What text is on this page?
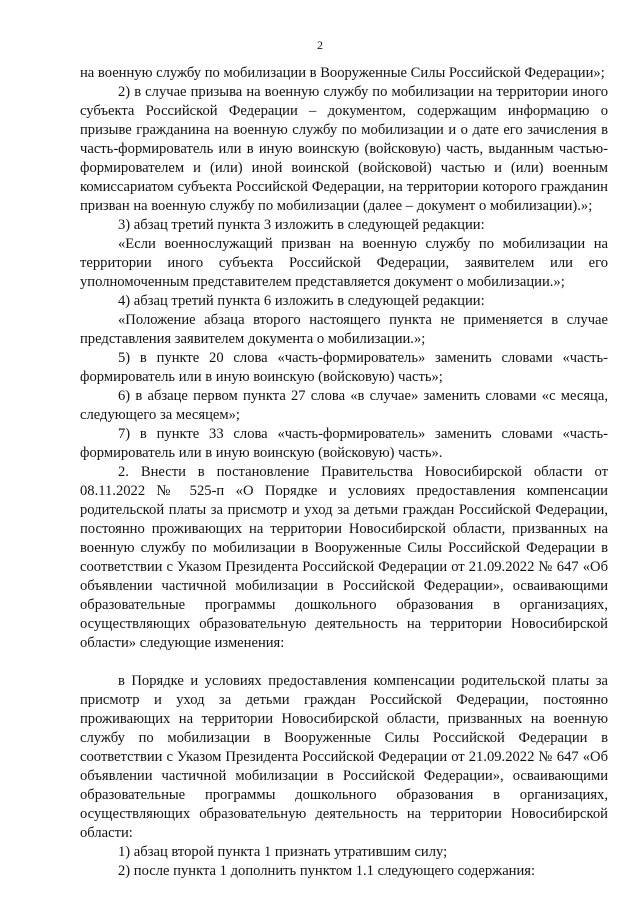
2

на военную службу по мобилизации в Вооруженные Силы Российской Федерации»;

2) в случае призыва на военную службу по мобилизации на территории иного субъекта Российской Федерации – документом, содержащим информацию о призыве гражданина на военную службу по мобилизации и о дате его зачисления в часть-формирователь или в иную воинскую (войсковую) часть, выданным частью-формирователем и (или) иной воинской (войсковой) частью и (или) военным комиссариатом субъекта Российской Федерации, на территории которого гражданин призван на военную службу по мобилизации (далее – документ о мобилизации).»;

3) абзац третий пункта 3 изложить в следующей редакции:

«Если военнослужащий призван на военную службу по мобилизации на территории иного субъекта Российской Федерации, заявителем или его уполномоченным представителем представляется документ о мобилизации.»;

4) абзац третий пункта 6 изложить в следующей редакции:

«Положение абзаца второго настоящего пункта не применяется в случае представления заявителем документа о мобилизации.»;

5) в пункте 20 слова «часть-формирователь» заменить словами «часть-формирователь или в иную воинскую (войсковую) часть»;

6) в абзаце первом пункта 27 слова «в случае» заменить словами «с месяца, следующего за месяцем»;

7) в пункте 33 слова «часть-формирователь» заменить словами «часть-формирователь или в иную воинскую (войсковую) часть».

2. Внести в постановление Правительства Новосибирской области от 08.11.2022 № 525-п «О Порядке и условиях предоставления компенсации родительской платы за присмотр и уход за детьми граждан Российской Федерации, постоянно проживающих на территории Новосибирской области, призванных на военную службу по мобилизации в Вооруженные Силы Российской Федерации в соответствии с Указом Президента Российской Федерации от 21.09.2022 № 647 «Об объявлении частичной мобилизации в Российской Федерации», осваивающими образовательные программы дошкольного образования в организациях, осуществляющих образовательную деятельность на территории Новосибирской области» следующие изменения:

в Порядке и условиях предоставления компенсации родительской платы за присмотр и уход за детьми граждан Российской Федерации, постоянно проживающих на территории Новосибирской области, призванных на военную службу по мобилизации в Вооруженные Силы Российской Федерации в соответствии с Указом Президента Российской Федерации от 21.09.2022 № 647 «Об объявлении частичной мобилизации в Российской Федерации», осваивающими образовательные программы дошкольного образования в организациях, осуществляющих образовательную деятельность на территории Новосибирской области:

1) абзац второй пункта 1 признать утратившим силу;

2) после пункта 1 дополнить пунктом 1.1 следующего содержания:
